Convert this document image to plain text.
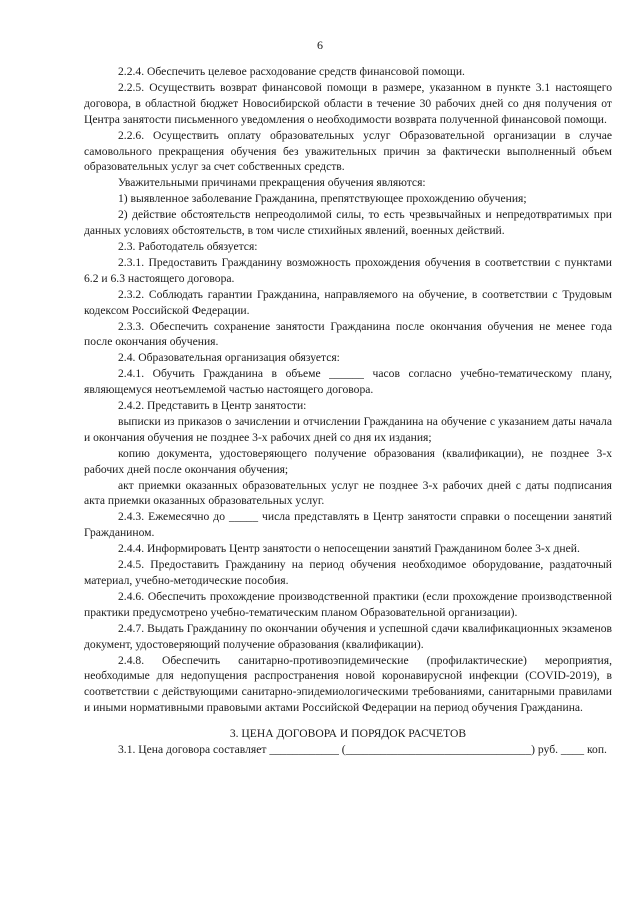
6

2.2.4. Обеспечить целевое расходование средств финансовой помощи.

2.2.5. Осуществить возврат финансовой помощи в размере, указанном в пункте 3.1 настоящего договора, в областной бюджет Новосибирской области в течение 30 рабочих дней со дня получения от Центра занятости письменного уведомления о необходимости возврата полученной финансовой помощи.

2.2.6. Осуществить оплату образовательных услуг Образовательной организации в случае самовольного прекращения обучения без уважительных причин за фактически выполненный объем образовательных услуг за счет собственных средств.

Уважительными причинами прекращения обучения являются:

1) выявленное заболевание Гражданина, препятствующее прохождению обучения;

2) действие обстоятельств непреодолимой силы, то есть чрезвычайных и непредотвратимых при данных условиях обстоятельств, в том числе стихийных явлений, военных действий.

2.3. Работодатель обязуется:

2.3.1. Предоставить Гражданину возможность прохождения обучения в соответствии с пунктами 6.2 и 6.3 настоящего договора.

2.3.2. Соблюдать гарантии Гражданина, направляемого на обучение, в соответствии с Трудовым кодексом Российской Федерации.

2.3.3. Обеспечить сохранение занятости Гражданина после окончания обучения не менее года после окончания обучения.

2.4. Образовательная организация обязуется:

2.4.1. Обучить Гражданина в объеме ______ часов согласно учебно-тематическому плану, являющемуся неотъемлемой частью настоящего договора.

2.4.2. Представить в Центр занятости:

выписки из приказов о зачислении и отчислении Гражданина на обучение с указанием даты начала и окончания обучения не позднее 3-х рабочих дней со дня их издания;

копию документа, удостоверяющего получение образования (квалификации), не позднее 3-х рабочих дней после окончания обучения;

акт приемки оказанных образовательных услуг не позднее 3-х рабочих дней с даты подписания акта приемки оказанных образовательных услуг.

2.4.3. Ежемесячно до _____ числа представлять в Центр занятости справки о посещении занятий Гражданином.

2.4.4. Информировать Центр занятости о непосещении занятий Гражданином более 3-х дней.

2.4.5. Предоставить Гражданину на период обучения необходимое оборудование, раздаточный материал, учебно-методические пособия.

2.4.6. Обеспечить прохождение производственной практики (если прохождение производственной практики предусмотрено учебно-тематическим планом Образовательной организации).

2.4.7. Выдать Гражданину по окончании обучения и успешной сдачи квалификационных экзаменов документ, удостоверяющий получение образования (квалификации).

2.4.8. Обеспечить санитарно-противоэпидемические (профилактические) мероприятия, необходимые для недопущения распространения новой коронавирусной инфекции (COVID-2019), в соответствии с действующими санитарно-эпидемиологическими требованиями, санитарными правилами и иными нормативными правовыми актами Российской Федерации на период обучения Гражданина.

3. ЦЕНА ДОГОВОРА И ПОРЯДОК РАСЧЕТОВ

3.1. Цена договора составляет ____________ (________________________________) руб. ____ коп.
